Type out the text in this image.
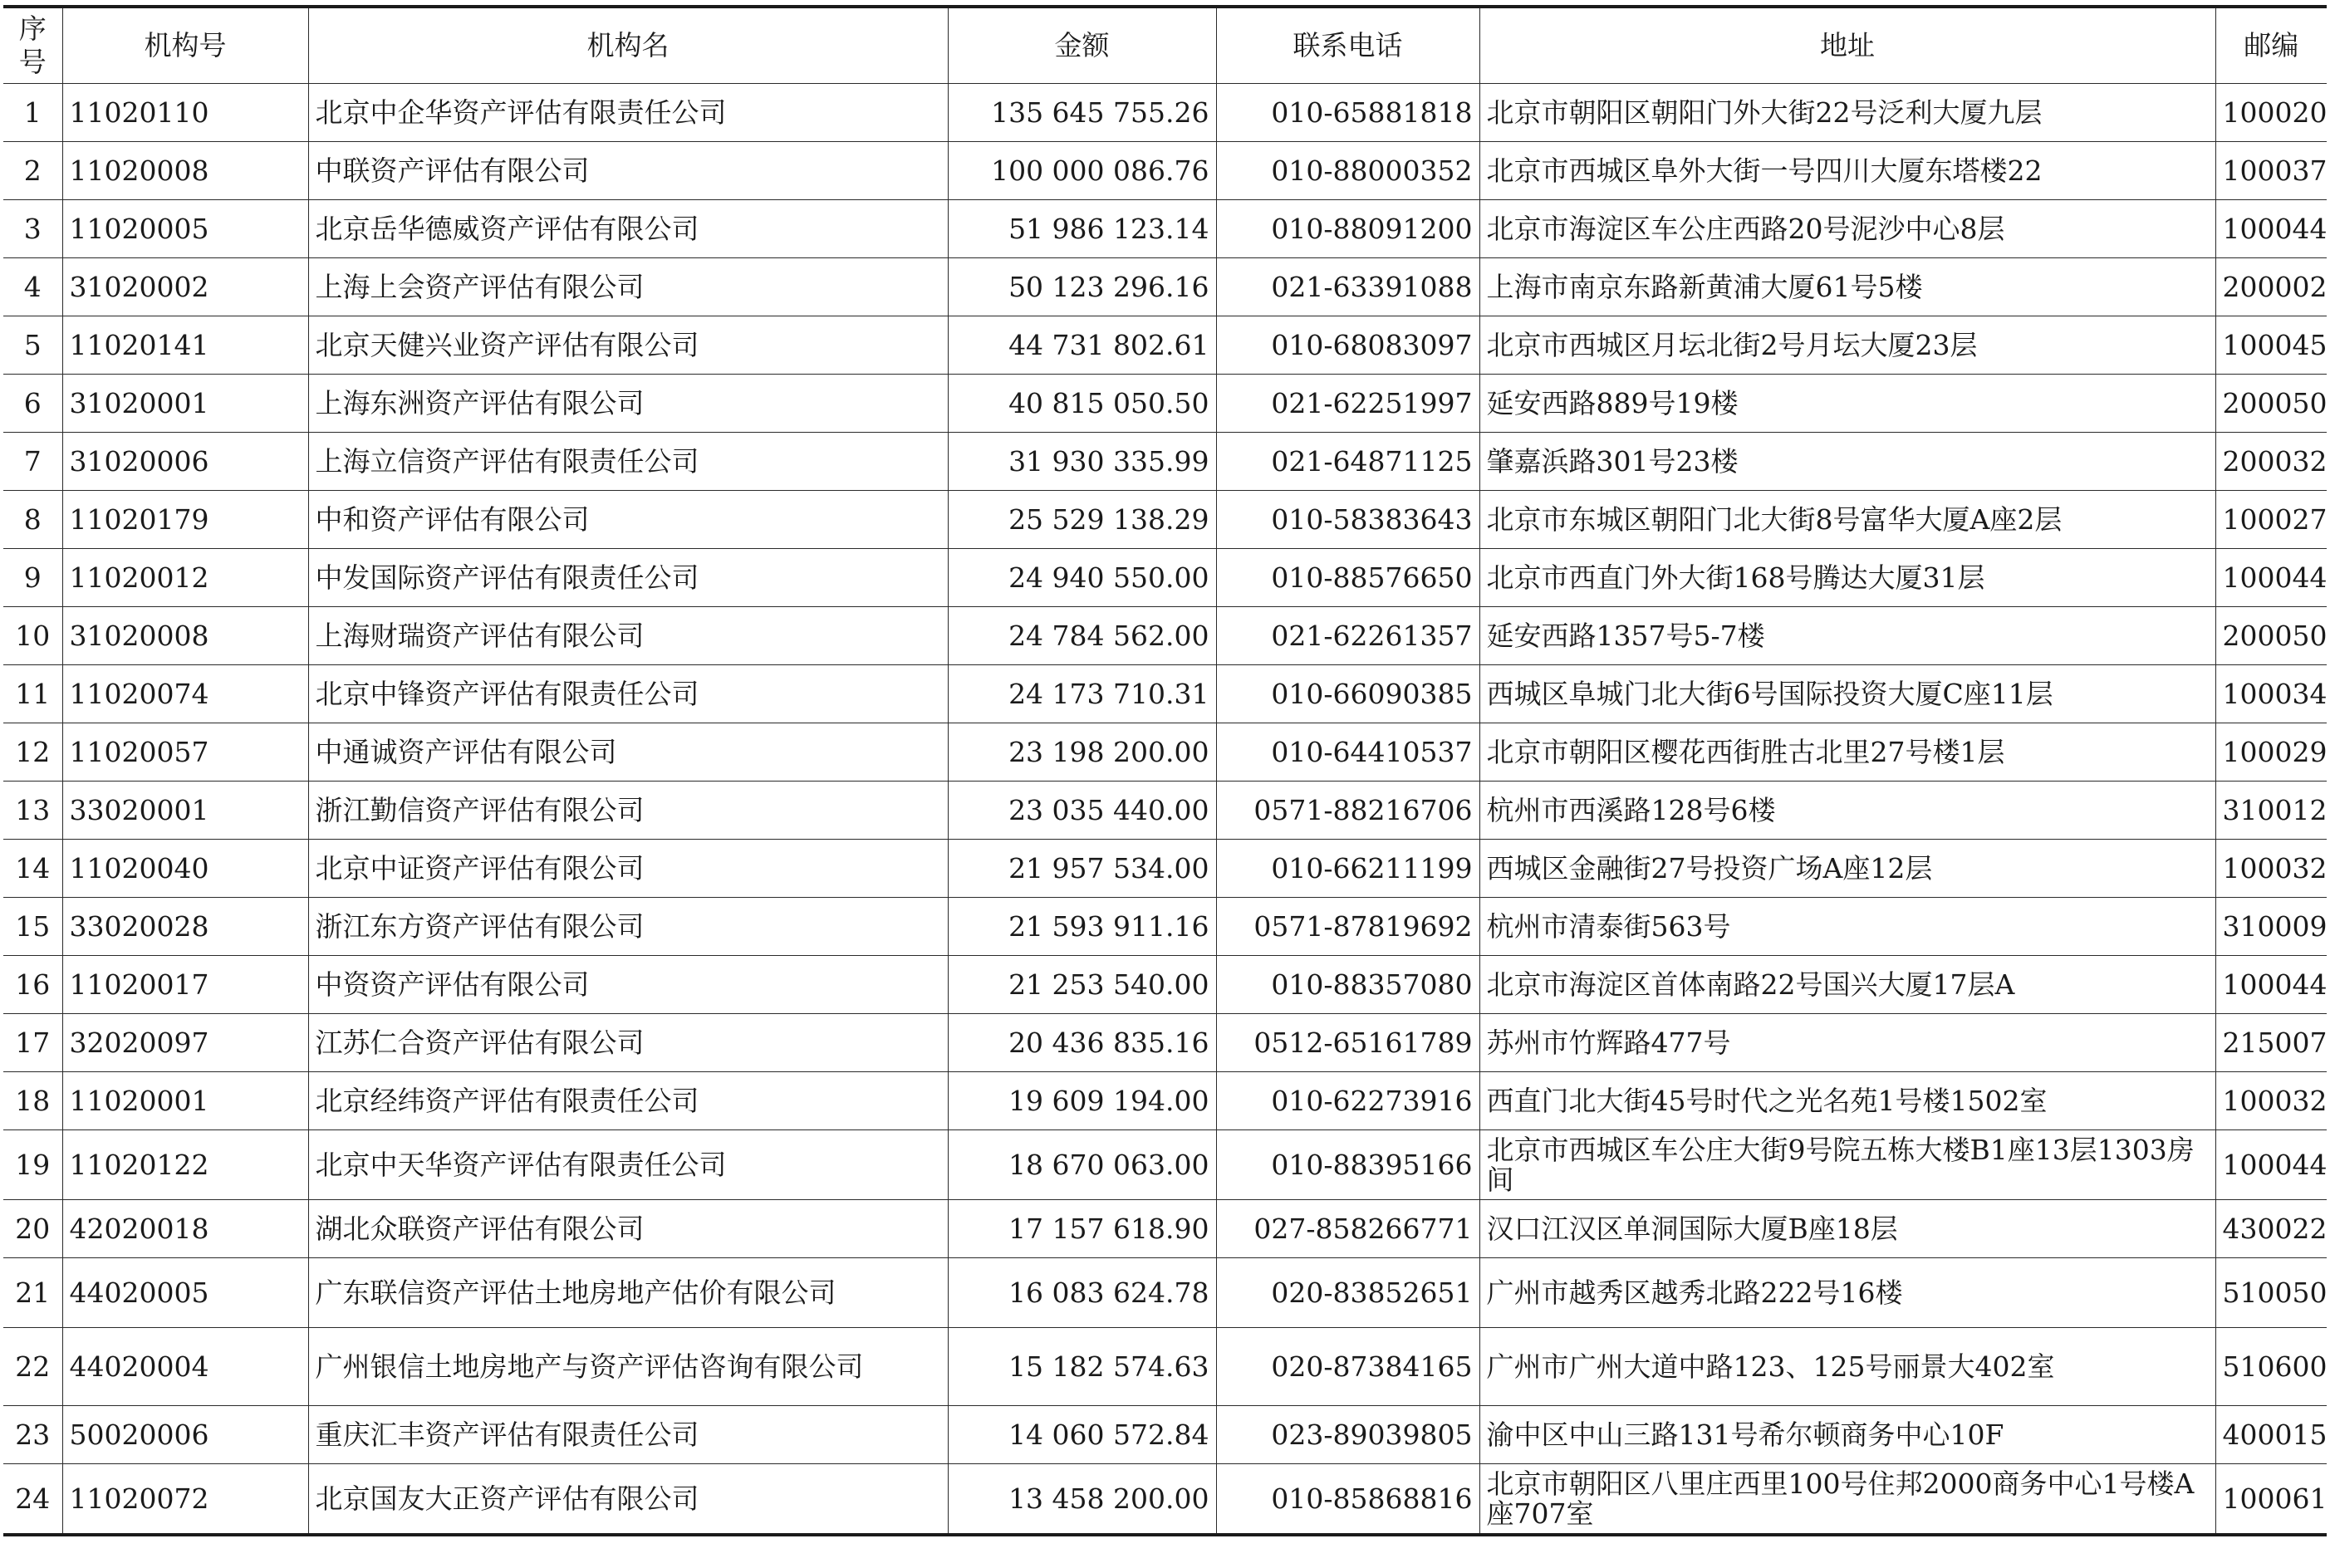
序号	机构号	机构名	金额	联系电话	地址	邮编
1	11020110	北京中企华资产评估有限责任公司	135 645 755.26	010-65881818	北京市朝阳区朝阳门外大街22号泛利大厦九层	100020
2	11020008	中联资产评估有限公司	100 000 086.76	010-88000352	北京市西城区阜外大街一号四川大厦东塔楼22	100037
3	11020005	北京岳华德威资产评估有限公司	51 986 123.14	010-88091200	北京市海淀区车公庄西路20号泥沙中心8层	100044
4	31020002	上海上会资产评估有限公司	50 123 296.16	021-63391088	上海市南京东路新黄浦大厦61号5楼	200002
5	11020141	北京天健兴业资产评估有限公司	44 731 802.61	010-68083097	北京市西城区月坛北街2号月坛大厦23层	100045
6	31020001	上海东洲资产评估有限公司	40 815 050.50	021-62251997	延安西路889号19楼	200050
7	31020006	上海立信资产评估有限责任公司	31 930 335.99	021-64871125	肇嘉浜路301号23楼	200032
8	11020179	中和资产评估有限公司	25 529 138.29	010-58383643	北京市东城区朝阳门北大街8号富华大厦A座2层	100027
9	11020012	中发国际资产评估有限责任公司	24 940 550.00	010-88576650	北京市西直门外大街168号腾达大厦31层	100044
10	31020008	上海财瑞资产评估有限公司	24 784 562.00	021-62261357	延安西路1357号5-7楼	200050
11	11020074	北京中锋资产评估有限责任公司	24 173 710.31	010-66090385	西城区阜城门北大街6号国际投资大厦C座11层	100034
12	11020057	中通诚资产评估有限公司	23 198 200.00	010-64410537	北京市朝阳区樱花西街胜古北里27号楼1层	100029
13	33020001	浙江勤信资产评估有限公司	23 035 440.00	0571-88216706	杭州市西溪路128号6楼	310012
14	11020040	北京中证资产评估有限公司	21 957 534.00	010-66211199	西城区金融街27号投资广场A座12层	100032
15	33020028	浙江东方资产评估有限公司	21 593 911.16	0571-87819692	杭州市清泰街563号	310009
16	11020017	中资资产评估有限公司	21 253 540.00	010-88357080	北京市海淀区首体南路22号国兴大厦17层A	100044
17	32020097	江苏仁合资产评估有限公司	20 436 835.16	0512-65161789	苏州市竹辉路477号	215007
18	11020001	北京经纬资产评估有限责任公司	19 609 194.00	010-62273916	西直门北大街45号时代之光名苑1号楼1502室	100032
19	11020122	北京中天华资产评估有限责任公司	18 670 063.00	010-88395166	北京市西城区车公庄大街9号院五栋大楼B1座13层1303房间	100044
20	42020018	湖北众联资产评估有限公司	17 157 618.90	027-858266771	汉口江汉区单洞国际大厦B座18层	430022
21	44020005	广东联信资产评估土地房地产估价有限公司	16 083 624.78	020-83852651	广州市越秀区越秀北路222号16楼	510050
22	44020004	广州银信土地房地产与资产评估咨询有限公司	15 182 574.63	020-87384165	广州市广州大道中路123、125号丽景大402室	510600
23	50020006	重庆汇丰资产评估有限责任公司	14 060 572.84	023-89039805	渝中区中山三路131号希尔顿商务中心10F	400015
24	11020072	北京国友大正资产评估有限公司	13 458 200.00	010-85868816	北京市朝阳区八里庄西里100号住邦2000商务中心1号楼A座707室	100061
